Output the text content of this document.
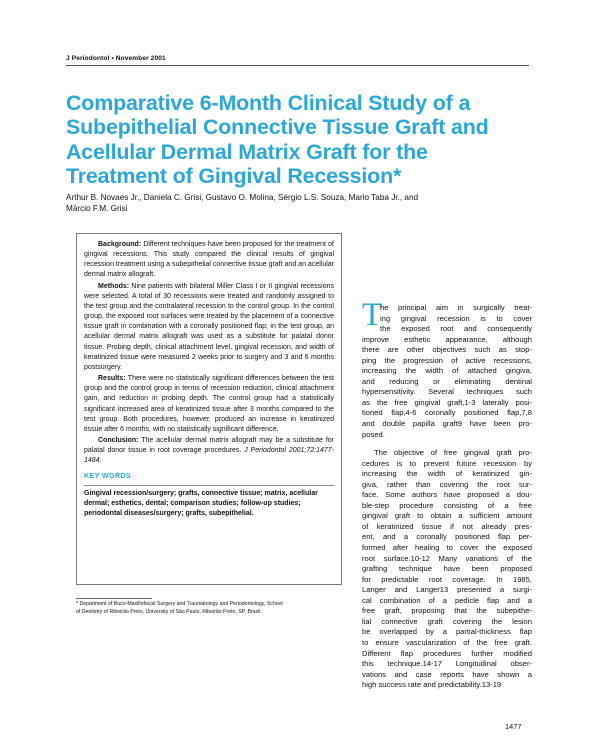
J Periodontol • November 2001
Comparative 6-Month Clinical Study of a
Subepithelial Connective Tissue Graft and
Acellular Dermal Matrix Graft for the
Treatment of Gingival Recession*
Arthur B. Novaes Jr., Daniela C. Grisi, Gustavo O. Molina, Sérgio L.S. Souza, Mario Taba Jr., and
Márcio F.M. Grisi

Background: Different techniques have been proposed for the treatment of gingival recessions. This study compared the clinical results of gingival recession treatment using a subepithelial connective tissue graft and an acellular dermal matrix allograft.

Methods: Nine patients with bilateral Miller Class I or II gingival recessions were selected. A total of 30 recessions were treated and randomly assigned to the test group and the contralateral recession to the control group. In the control group, the exposed root surfaces were treated by the placement of a connective tissue graft in combination with a coronally positioned flap; in the test group, an acellular dermal matrix allograft was used as a substitute for palatal donor tissue. Probing depth, clinical attachment level, gingival recession, and width of keratinized tissue were measured 2 weeks prior to surgery and 3 and 6 months postsurgery.

Results: There were no statistically significant differences between the test group and the control group in terms of recession reduction, clinical attachment gain, and reduction in probing depth. The control group had a statistically significant increased area of keratinized tissue after 3 months compared to the test group. Both procedures, however, produced an increase in keratinized tissue after 6 months, with no statistically significant difference.

Conclusion: The acellular dermal matrix allograft may be a substitute for palatal donor tissue in root coverage procedures. J Periodontol 2001;72:1477-1484.

KEY WORDS
Gingival recession/surgery; grafts, connective tissue; matrix, acellular dermal; esthetics, dental; comparison studies; follow-up studies; periodontal diseases/surgery; grafts, subepithelial.
* Department of Buco-Maxillofacial Surgery and Traumatology and Periodontology, School
of Dentistry of Ribeirão Preto, University of São Paulo, Ribeirão Preto, SP, Brazil.
T
he principal aim in surgically treat-
ing gingival recession is to cover
the exposed root and consequently
improve esthetic appearance, although
there are other objectives such as stop-
ping the progression of active recessions,
increasing the width of attached gingiva,
and reducing or eliminating dentinal
hypersensitivity. Several techniques such
as the free gingival graft,1-3 laterally posi-
tioned flap,4-6 coronally positioned flap,7,8
and double papilla graft9 have been pro-
posed.
The objective of free gingival graft pro-
cedures is to prevent future recession by
increasing the width of keratinized gin-
giva, rather than covering the root sur-
face. Some authors have proposed a dou-
ble-step procedure consisting of a free
gingival graft to obtain a sufficient amount
of keratinized tissue if not already pres-
ent, and a coronally positioned flap per-
formed after healing to cover the exposed
root surface.10-12 Many variations of the
grafting technique have been proposed
for predictable root coverage. In 1985,
Langer and Langer13 presented a surgi-
cal combination of a pedicle flap and a
free graft, proposing that the subepithe-
lial connective graft covering the lesion
be overlapped by a partial-thickness flap
to ensure vascularization of the free graft.
Different flap procedures further modified
this technique.14-17 Longitudinal obser-
vations and case reports have shown a
high success rate and predictability.13-19
1477
